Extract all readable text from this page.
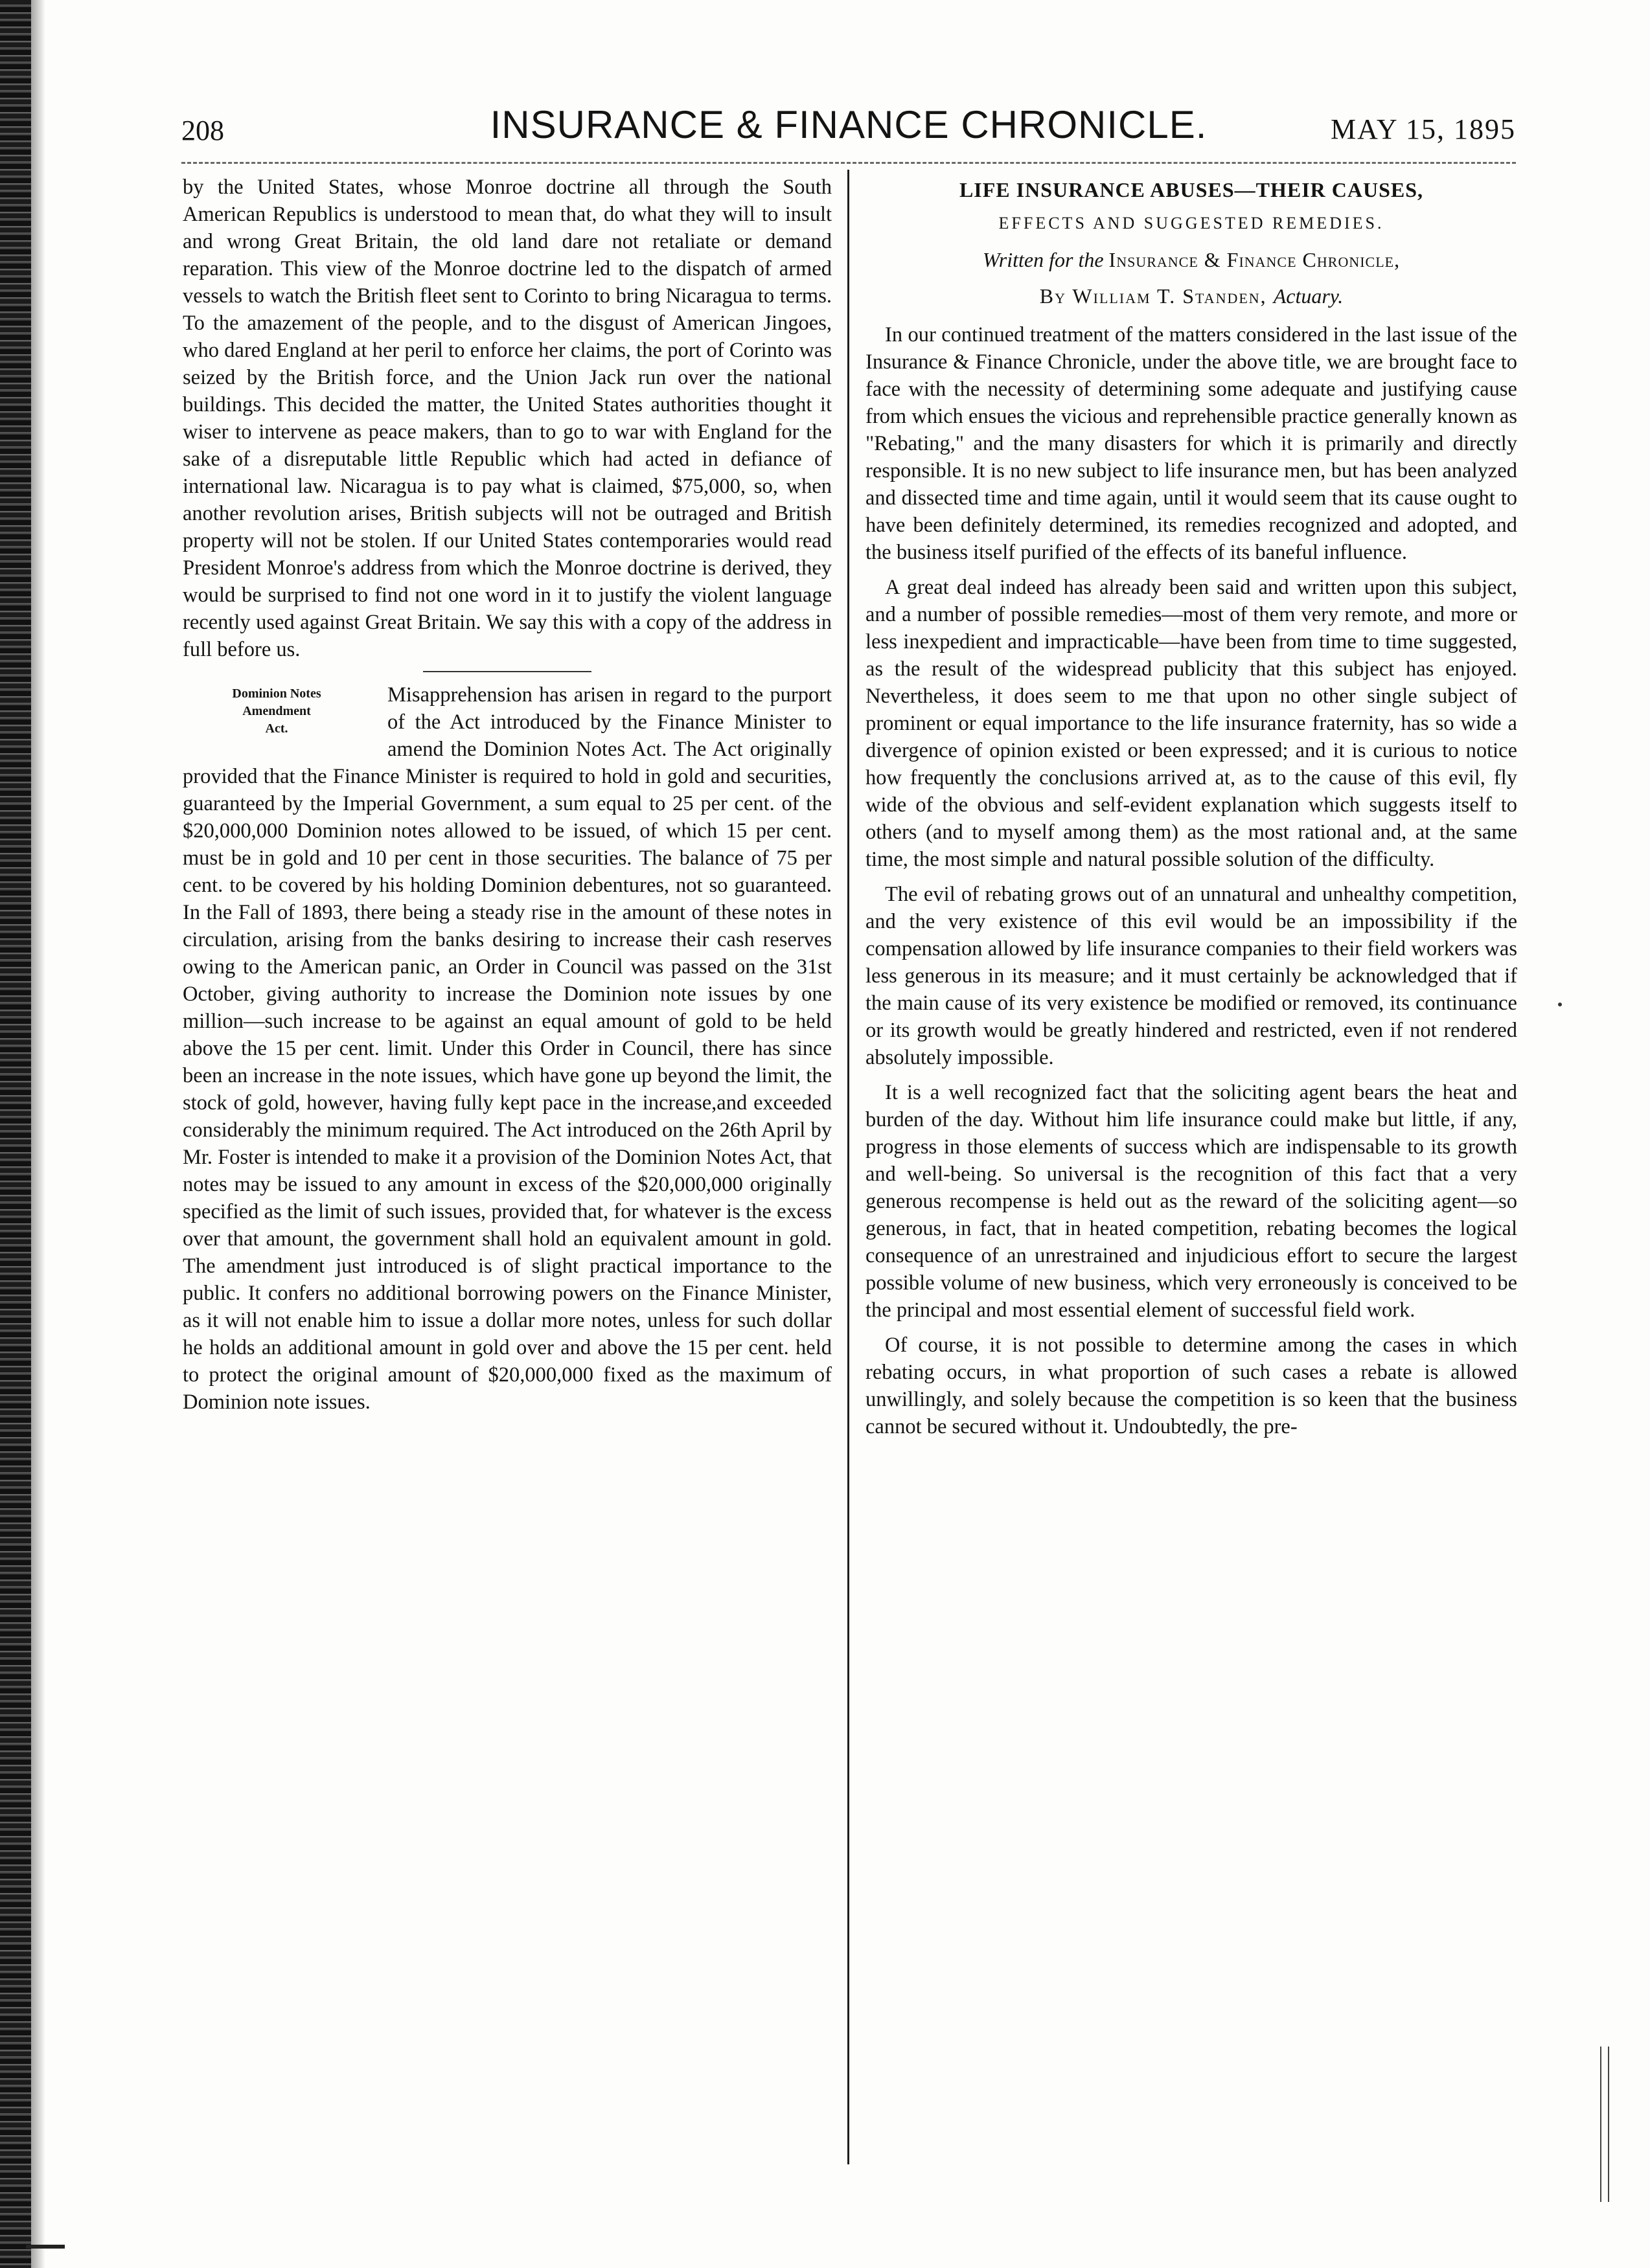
208	INSURANCE & FINANCE CHRONICLE.	MAY 15, 1895

by the United States, whose Monroe doctrine all through the South American Republics is understood to mean that, do what they will to insult and wrong Great Britain, the old land dare not retaliate or demand reparation. This view of the Monroe doctrine led to the dispatch of armed vessels to watch the British fleet sent to Corinto to bring Nicaragua to terms. To the amazement of the people, and to the disgust of American Jingoes, who dared England at her peril to enforce her claims, the port of Corinto was seized by the British force, and the Union Jack run over the national buildings. This decided the matter, the United States authorities thought it wiser to intervene as peace makers, than to go to war with England for the sake of a disreputable little Republic which had acted in defiance of international law. Nicaragua is to pay what is claimed, $75,000, so, when another revolution arises, British subjects will not be outraged and British property will not be stolen. If our United States contemporaries would read President Monroe's address from which the Monroe doctrine is derived, they would be surprised to find not one word in it to justify the violent language recently used against Great Britain. We say this with a copy of the address in full before us.

Dominion Notes
Amendment
Act.

Misapprehension has arisen in regard to the purport of the Act introduced by the Finance Minister to amend the Dominion Notes Act. The Act originally provided that the Finance Minister is required to hold in gold and securities, guaranteed by the Imperial Government, a sum equal to 25 per cent. of the $20,000,000 Dominion notes allowed to be issued, of which 15 per cent. must be in gold and 10 per cent in those securities. The balance of 75 per cent. to be covered by his holding Dominion debentures, not so guaranteed. In the Fall of 1893, there being a steady rise in the amount of these notes in circulation, arising from the banks desiring to increase their cash reserves owing to the American panic, an Order in Council was passed on the 31st October, giving authority to increase the Dominion note issues by one million—such increase to be against an equal amount of gold to be held above the 15 per cent. limit. Under this Order in Council, there has since been an increase in the note issues, which have gone up beyond the limit, the stock of gold, however, having fully kept pace in the increase,and exceeded considerably the minimum required. The Act introduced on the 26th April by Mr. Foster is intended to make it a provision of the Dominion Notes Act, that notes may be issued to any amount in excess of the $20,000,000 originally specified as the limit of such issues, provided that, for whatever is the excess over that amount, the government shall hold an equivalent amount in gold. The amendment just introduced is of slight practical importance to the public. It confers no additional borrowing powers on the Finance Minister, as it will not enable him to issue a dollar more notes, unless for such dollar he holds an additional amount in gold over and above the 15 per cent. held to protect the original amount of $20,000,000 fixed as the maximum of Dominion note issues.

LIFE INSURANCE ABUSES—THEIR CAUSES,
EFFECTS AND SUGGESTED REMEDIES.
Written for the Insurance & Finance Chronicle,
By William T. Standen, Actuary.

In our continued treatment of the matters considered in the last issue of the Insurance & Finance Chronicle, under the above title, we are brought face to face with the necessity of determining some adequate and justifying cause from which ensues the vicious and reprehensible practice generally known as "Rebating," and the many disasters for which it is primarily and directly responsible. It is no new subject to life insurance men, but has been analyzed and dissected time and time again, until it would seem that its cause ought to have been definitely determined, its remedies recognized and adopted, and the business itself purified of the effects of its baneful influence.

A great deal indeed has already been said and written upon this subject, and a number of possible remedies—most of them very remote, and more or less inexpedient and impracticable—have been from time to time suggested, as the result of the widespread publicity that this subject has enjoyed. Nevertheless, it does seem to me that upon no other single subject of prominent or equal importance to the life insurance fraternity, has so wide a divergence of opinion existed or been expressed; and it is curious to notice how frequently the conclusions arrived at, as to the cause of this evil, fly wide of the obvious and self-evident explanation which suggests itself to others (and to myself among them) as the most rational and, at the same time, the most simple and natural possible solution of the difficulty.

The evil of rebating grows out of an unnatural and unhealthy competition, and the very existence of this evil would be an impossibility if the compensation allowed by life insurance companies to their field workers was less generous in its measure; and it must certainly be acknowledged that if the main cause of its very existence be modified or removed, its continuance or its growth would be greatly hindered and restricted, even if not rendered absolutely impossible.

It is a well recognized fact that the soliciting agent bears the heat and burden of the day. Without him life insurance could make but little, if any, progress in those elements of success which are indispensable to its growth and well-being. So universal is the recognition of this fact that a very generous recompense is held out as the reward of the soliciting agent—so generous, in fact, that in heated competition, rebating becomes the logical consequence of an unrestrained and injudicious effort to secure the largest possible volume of new business, which very erroneously is conceived to be the principal and most essential element of successful field work.

Of course, it is not possible to determine among the cases in which rebating occurs, in what proportion of such cases a rebate is allowed unwillingly, and solely because the competition is so keen that the business cannot be secured without it. Undoubtedly, the pre-
